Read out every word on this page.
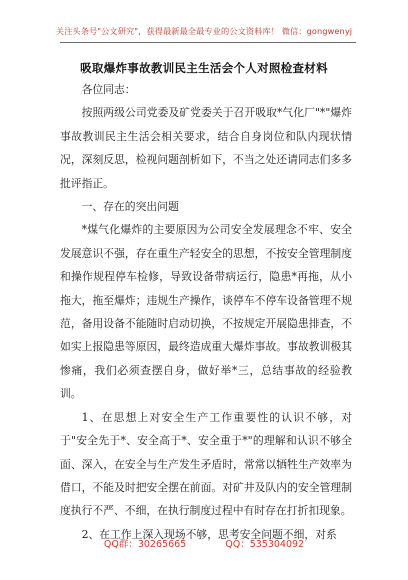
关注头条号"公文研究"，获得最新最全最专业的公文资料库！ 微信：gongwenyj
吸取爆炸事故教训民主生活会个人对照检查材料

各位同志：

按照两级公司党委及矿党委关于召开吸取*气化厂"*"爆炸事故教训民主生活会相关要求，结合自身岗位和队内现状情况，深刻反思，检视问题剖析如下，不当之处还请同志们多多批评指正。

一、存在的突出问题

*煤气化爆炸的主要原因为公司安全发展理念不牢、安全发展意识不强，存在重生产轻安全的思想，不按安全管理制度和操作规程停车检修，导致设备带病运行，隐患*再拖，从小拖大，拖至爆炸；违规生产操作，谈停车不停车设备管理不规范，备用设备不能随时启动切换，不按规定开展隐患排查，不如实上报隐患等原因，最终造成重大爆炸事故。事故教训极其惨痛，我们必须查摆自身，做好举*三，总结事故的经验教训。

1、在思想上对安全生产工作重要性的认识不够，对于"安全先于*、安全高于*、安全重于*"的理解和认识不够全面、深入，在安全与生产发生矛盾时，常常以牺牲生产效率为借口，不能及时把安全摆在前面。对矿井及队内的安全管理制度执行不严、不细，在执行制度过程中有时存在打折扣现象。

2、在工作上深入现场不够，思考安全问题不细，对系

QQ群：30265665	QQ：535304092
